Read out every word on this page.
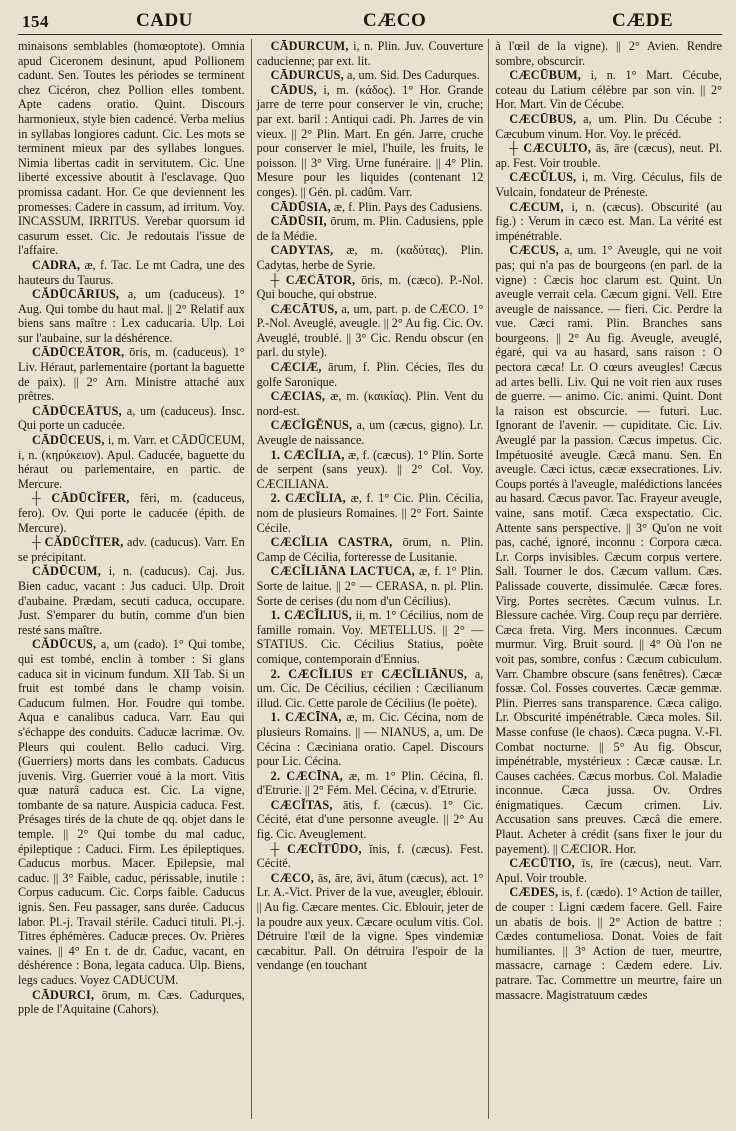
154	CADU	CÆCO	CÆDE

minaisons semblables (homœoptote). Omnia apud Ciceronem desinunt, apud Pollionem cadunt. Sen. Toutes les périodes se terminent chez Cicéron, chez Pollion elles tombent. Apte cadens oratio. Quint. Discours harmonieux, style bien cadencé. Verba melius in syllabas longiores cadunt. Cic. Les mots se terminent mieux par des syllabes longues. Nimia libertas cadit in servitutem. Cic. Une liberté excessive aboutit à l'esclavage. Quo promissa cadant. Hor. Ce que deviennent les promesses. Cadere in cassum, ad irritum. Voy. INCASSUM, IRRITUS. Verebar quorsum id casurum esset. Cic. Je redoutais l'issue de l'affaire.

CADRA, æ, f. Tac. Le mt Cadra, une des hauteurs du Taurus.

CĂDŪCĀRIUS, a, um (caduceus). 1° Aug. Qui tombe du haut mal. || 2° Relatif aux biens sans maître : Lex caducaria. Ulp. Loi sur l'aubaine, sur la déshérence.

CĀDŪCEĀTOR, ōris, m. (caduceus). 1° Liv. Héraut, parlementaire (portant la baguette de paix). || 2° Arn. Ministre attaché aux prêtres.

CĀDŪCEĀTUS, a, um (caduceus). Insc. Qui porte un caducée.

CĀDŪCEUS, i, m. Varr. et CĀDŪCEUM, i, n. (κηρύκειον). Apul. Caducée, baguette du héraut ou parlementaire, en partic. de Mercure.

┼ CĀDŪCĬFER, fĕri, m. (caduceus, fero). Ov. Qui porte le caducée (épith. de Mercure).

┼ CĂDŪCĬTER, adv. (caducus). Varr. En se précipitant.

CĂDŪCUM, i, n. (caducus). Caj. Jus. Bien caduc, vacant : Jus caduci. Ulp. Droit d'aubaine. Prædam, secuti caduca, occupare. Just. S'emparer du butin, comme d'un bien resté sans maître.

CĂDŪCUS, a, um (cado). 1° Qui tombe, qui est tombé, enclin à tomber : Si glans caduca sit in vicinum fundum. XII Tab. Si un fruit est tombé dans le champ voisin. Caducum fulmen. Hor. Foudre qui tombe. Aqua e canalibus caduca. Varr. Eau qui s'échappe des conduits. Caducæ lacrimæ. Ov. Pleurs qui coulent. Bello caduci. Virg. (Guerriers) morts dans les combats. Caducus juvenis. Virg. Guerrier voué à la mort. Vitis quæ naturâ caduca est. Cic. La vigne, tombante de sa nature. Auspicia caduca. Fest. Présages tirés de la chute de qq. objet dans le temple. || 2° Qui tombe du mal caduc, épileptique : Caduci. Firm. Les épileptiques. Caducus morbus. Macer. Epilepsie, mal caduc. || 3° Faible, caduc, périssable, inutile : Corpus caducum. Cic. Corps faible. Caducus ignis. Sen. Feu passager, sans durée. Caducus labor. Pl.-j. Travail stérile. Caduci tituli. Pl.-j. Titres éphémères. Caducæ preces. Ov. Prières vaines. || 4° En t. de dr. Caduc, vacant, en déshérence : Bona, legata caduca. Ulp. Biens, legs caducs. Voyez CADUCUM.

CĀDURCI, ōrum, m. Cæs. Cadurques, pple de l'Aquitaine (Cahors).

CĀDURCUM, i, n. Plin. Juv. Couverture caducienne; par ext. lit.

CĀDURCUS, a, um. Sid. Des Cadurques.

CĀDUS, i, m. (κάδος). 1° Hor. Grande jarre de terre pour conserver le vin, cruche; par ext. baril : Antiqui cadi. Ph. Jarres de vin vieux. || 2° Plin. Mart. En gén. Jarre, cruche pour conserver le miel, l'huile, les fruits, le poisson. || 3° Virg. Urne funéraire. || 4° Plin. Mesure pour les liquides (contenant 12 conges). || Gén. pl. cadûm. Varr.

CĀDŪSIA, æ, f. Plin. Pays des Cadusiens.

CĀDŪSII, ōrum, m. Plin. Cadusiens, pple de la Médie.

CADYTAS, æ, m. (καδύτας). Plin. Cadytas, herbe de Syrie.

┼ CÆCĀTOR, ōris, m. (cæco). P.-Nol. Qui bouche, qui obstrue.

CÆCĀTUS, a, um, part. p. de CÆCO. 1° P.-Nol. Aveuglé, aveugle. || 2° Au fig. Cic. Ov. Aveuglé, troublé. || 3° Cic. Rendu obscur (en parl. du style).

CÆCIÆ, ārum, f. Plin. Cécies, îles du golfe Saronique.

CÆCIAS, æ, m. (καικίας). Plin. Vent du nord-est.

CÆCĬGĔNUS, a, um (cæcus, gigno). Lr. Aveugle de naissance.

1. CÆCĬLIA, æ, f. (cæcus). 1° Plin. Sorte de serpent (sans yeux). || 2° Col. Voy. CÆCILIANA.

2. CÆCĬLIA, æ, f. 1° Cic. Plin. Cécilia, nom de plusieurs Romaines. || 2° Fort. Sainte Cécile.

CÆCĬLIA CASTRA, ōrum, n. Plin. Camp de Cécilia, forteresse de Lusitanie.

CÆCĬLIĀNA LACTUCA, æ, f. 1° Plin. Sorte de laitue. || 2° — CERASA, n. pl. Plin. Sorte de cerises (du nom d'un Cécilius).

1. CÆCĬLIUS, ii, m. 1° Cécilius, nom de famille romain. Voy. METELLUS. || 2° — STATIUS. Cic. Cécilius Statius, poète comique, contemporain d'Ennius.

2. CÆCĬLIUS et CÆCĬLIĀNUS, a, um. Cic. De Cécilius, cécilien : Cæcilianum illud. Cic. Cette parole de Cécilius (le poète).

1. CÆCĪNA, æ, m. Cic. Cécina, nom de plusieurs Romains. || — NIANUS, a, um. De Cécina : Cæciniana oratio. Capel. Discours pour Lic. Cécina.

2. CÆCĪNA, æ, m. 1° Plin. Cécina, fl. d'Etrurie. || 2° Fém. Mel. Cécina, v. d'Etrurie.

CÆCĬTAS, ātis, f. (cæcus). 1° Cic. Cécité, état d'une personne aveugle. || 2° Au fig. Cic. Aveuglement.

┼ CÆCĬTŪDO, ĭnis, f. (cæcus). Fest. Cécité.

CÆCO, ās, āre, āvi, ātum (cæcus), act. 1° Lr. A.-Vict. Priver de la vue, aveugler, éblouir. || Au fig. Cæcare mentes. Cic. Eblouir, jeter de la poudre aux yeux. Cæcare oculum vitis. Col. Détruire l'œil de la vigne. Spes vindemiæ cæcabitur. Pall. On détruira l'espoir de la vendange (en touchant

à l'œil de la vigne). || 2° Avien. Rendre sombre, obscurcir.

CÆCŪBUM, i, n. 1° Mart. Cécube, coteau du Latium célèbre par son vin. || 2° Hor. Mart. Vin de Cécube.

CÆCŪBUS, a, um. Plin. Du Cécube : Cæcubum vinum. Hor. Voy. le précéd.

┼ CÆCULTO, ās, āre (cæcus), neut. Pl. ap. Fest. Voir trouble.

CÆCŬLUS, i, m. Virg. Céculus, fils de Vulcain, fondateur de Préneste.

CÆCUM, i, n. (cæcus). Obscurité (au fig.) : Verum in cæco est. Man. La vérité est impénétrable.

CÆCUS, a, um. 1° Aveugle, qui ne voit pas; qui n'a pas de bourgeons (en parl. de la vigne) : Cæcis hoc clarum est. Quint. Un aveugle verrait cela. Cæcum gigni. Vell. Etre aveugle de naissance. — fieri. Cic. Perdre la vue. Cæci rami. Plin. Branches sans bourgeons. || 2° Au fig. Aveugle, aveuglé, égaré, qui va au hasard, sans raison : O pectora cæca! Lr. O cœurs aveugles! Cæcus ad artes belli. Liv. Qui ne voit rien aux ruses de guerre. — animo. Cic. animi. Quint. Dont la raison est obscurcie. — futuri. Luc. Ignorant de l'avenir. — cupiditate. Cic. Liv. Aveuglé par la passion. Cæcus impetus. Cic. Impétuosité aveugle. Cæcâ manu. Sen. En aveugle. Cæci ictus, cæcæ exsecrationes. Liv. Coups portés à l'aveugle, malédictions lancées au hasard. Cæcus pavor. Tac. Frayeur aveugle, vaine, sans motif. Cæca exspectatio. Cic. Attente sans perspective. || 3° Qu'on ne voit pas, caché, ignoré, inconnu : Corpora cæca. Lr. Corps invisibles. Cæcum corpus vertere. Sall. Tourner le dos. Cæcum vallum. Cæs. Palissade couverte, dissimulée. Cæcæ fores. Virg. Portes secrètes. Cæcum vulnus. Lr. Blessure cachée. Virg. Coup reçu par derrière. Cæca freta. Virg. Mers inconnues. Cæcum murmur. Virg. Bruit sourd. || 4° Où l'on ne voit pas, sombre, confus : Cæcum cubiculum. Varr. Chambre obscure (sans fenêtres). Cæcæ fossæ. Col. Fosses couvertes. Cæcæ gemmæ. Plin. Pierres sans transparence. Cæca caligo. Lr. Obscurité impénétrable. Cæca moles. Sil. Masse confuse (le chaos). Cæca pugna. V.-Fl. Combat nocturne. || 5° Au fig. Obscur, impénétrable, mystérieux : Cæcæ causæ. Lr. Causes cachées. Cæcus morbus. Col. Maladie inconnue. Cæca jussa. Ov. Ordres énigmatiques. Cæcum crimen. Liv. Accusation sans preuves. Cæcâ die emere. Plaut. Acheter à crédit (sans fixer le jour du payement). || CÆCIOR. Hor.

CÆCŪTIO, īs, īre (cæcus), neut. Varr. Apul. Voir trouble.

CÆDES, is, f. (cædo). 1° Action de tailler, de couper : Ligni cædem facere. Gell. Faire un abatis de bois. || 2° Action de battre : Cædes contumeliosa. Donat. Voies de fait humiliantes. || 3° Action de tuer, meurtre, massacre, carnage : Cædem edere. Liv. patrare. Tac. Commettre un meurtre, faire un massacre. Magistratuum cædes
